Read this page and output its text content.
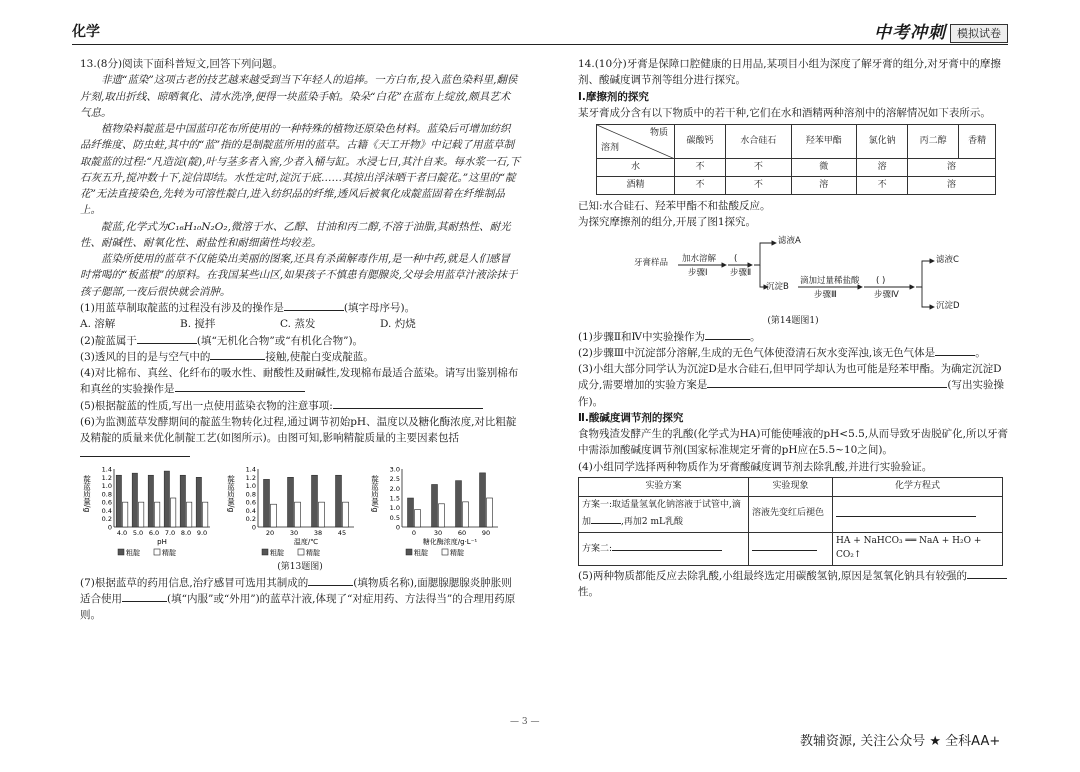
化学	中考冲刺	模拟试卷

13.(8分)阅读下面科普短文,回答下列问题。

非遗“蓝染”这项古老的技艺越来越受到当下年轻人的追捧。一方白布,投入蓝色染料里,翻侯片刻,取出折线、晾晒氧化、清水洗净,便得一块蓝染手帕。染朵“白花”在蓝布上绽放,颇具艺术气息。

植物染料靛蓝是中国蓝印花布所使用的一种特殊的植物还原染色材料。蓝染后可增加纺织品纤维度、防虫蛀,其中的“蓝”指的是制靛蓝所用的蓝草。古籍《天工开物》中记载了用蓝草制取靛蓝的过程:“凡造淀(靛),叶与茎多者入窖,少者入桶与缸。水浸七日,其汁自来。每水浆一石,下石灰五升,搅冲数十下,淀信即结。水性定时,淀沉于底……其掠出浮沫晒干者曰靛花。”这里的“靛花”无法直接染色,先转为可溶性靛白,进入纺织品的纤维,透风后被氧化成靛蓝固着在纤维制品上。

靛蓝,化学式为C₁₆H₁₀N₂O₂,微溶于水、乙醇、甘油和丙二醇,不溶于油脂,其耐热性、耐光性、耐碱性、耐氧化性、耐盐性和耐细菌性均较差。

蓝染所使用的蓝草不仅能染出美丽的图案,还具有杀菌解毒作用,是一种中药,就是人们感冒时常喝的“板蓝根”的原料。在我国某些山区,如果孩子不慎患有腮腺炎,父母会用蓝草汁液涂抹于孩子腮部,一夜后很快就会消肿。

(1)用蓝草制取靛蓝的过程没有涉及的操作是	(填字母序号)。

A. 溶解	B. 搅拌	C. 蒸发	D. 灼烧

(2)靛蓝属于	(填“无机化合物”或“有机化合物”)。

(3)透风的目的是与空气中的	接触,使靛白变成靛蓝。

(4)对比棉布、真丝、化纤布的吸水性、耐酸性及耐碱性,发现棉布最适合蓝染。请写出鉴别棉布和真丝的实验操作是

(5)根据靛蓝的性质,写出一点使用蓝染衣物的注意事项:

(6)为监测蓝草发酵期间的靛蓝生物转化过程,通过调节初始pH、温度以及糖化酶浓度,对比粗靛及精靛的质量来优化制靛工艺(如图所示)。由图可知,影响精靛质量的主要因素包括

靛蓝质量/g
1.4
1.2
1.0
0.8
0.6
0.4
0.2
0
4.0 5.0 6.0 7.0 8.0 9.0
pH
粗靛	精靛
靛蓝质量/g
1.4
1.2
1.0
0.8
0.6
0.4
0.2
0
20 30 38 45
温度/℃
粗靛	精靛
靛蓝质量/g
3.0
2.5
2.0
1.5
1.0
0.5
0
0	30 60 90
糖化酶浓度/g·L⁻¹
粗靛	精靛

(第13题图)

(7)根据蓝草的药用信息,治疗感冒可选用其制成的	(填物质名称),面腮腺腮腺炎肿胀则适合使用	(填“内服”或“外用”)的蓝草汁液,体现了“对症用药、方法得当”的合理用药原则。

14.(10分)牙膏是保障口腔健康的日用品,某项目小组为深度了解牙膏的组分,对牙膏中的摩擦剂、酸碱度调节剂等组分进行探究。

Ⅰ.摩擦剂的探究

某牙膏成分含有以下物质中的若干种,它们在水和酒精两种溶剂中的溶解情况如下表所示。

物质
溶剂	碳酸钙	水合硅石	羟苯甲酯	氯化钠	丙二醇	香精
水	不	不	微	溶	溶	
酒精	不	不	溶	不	溶	

已知:水合硅石、羟苯甲酯不和盐酸反应。

为探究摩擦剂的组分,开展了图1探究。

牙膏样品 加水溶解
步骤Ⅰ
(
步骤Ⅱ
滤液A
沉淀B
滴加过量稀盐酸
步骤Ⅲ
( )
步骤Ⅳ
滤液C
沉淀D

(第14题图1)

(1)步骤Ⅱ和Ⅳ中实验操作为	。

(2)步骤Ⅲ中沉淀部分溶解,生成的无色气体使澄清石灰水变浑浊,该无色气体是	。

(3)小组大部分同学认为沉淀D是水合硅石,但甲同学却认为也可能是羟苯甲酯。为确定沉淀D成分,需要增加的实验方案是	(写出实验操作)。

Ⅱ.酸碱度调节剂的探究

食物残渣发酵产生的乳酸(化学式为HA)可能使唾液的pH<5.5,从而导致牙齿脱矿化,所以牙膏中需添加酸碱度调节剂(国家标准规定牙膏的pH应在5.5~10之间)。

(4)小组同学选择两种物质作为牙膏酸碱度调节剂去除乳酸,并进行实验验证。

实验方案	实验现象	化学方程式
方案一:取适量氢氧化钠溶液于试管中,滴加 ,再加2 mL乳酸	溶液先变红后褪色	
方案二:		HA + NaHCO₃ ══ NaA + H₂O + CO₂↑

(5)两种物质都能反应去除乳酸,小组最终选定用碳酸氢钠,原因是氢氧化钠具有较强的性。

— 3 —
教辅资源, 关注公众号 ★ 全科AA+
